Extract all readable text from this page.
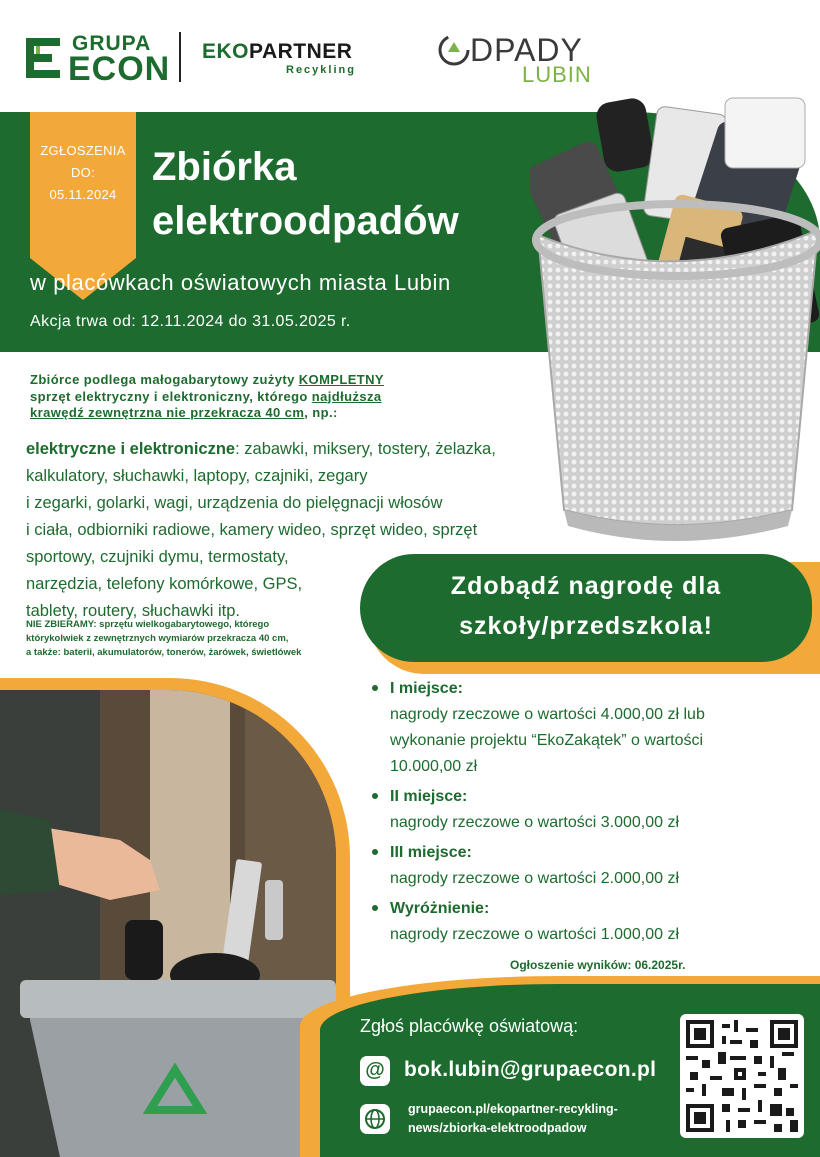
GRUPA
ECON EKOPARTNER
Recykling
DPADY
LUBIN
ZGŁOSZENIA
DO:
05.11.2024
Zbiórka
elektroodpadów
w placówkach oświatowych miasta Lubin
Akcja trwa od: 12.11.2024 do 31.05.2025 r.
Zbiórce podlega małogabarytowy zużyty KOMPLETNY
sprzęt elektryczny i elektroniczny, którego najdłuższa
krawędź zewnętrzna nie przekracza 40 cm, np.:
elektryczne i elektroniczne: zabawki, miksery, tostery, żelazka,
kalkulatory, słuchawki, laptopy, czajniki, zegary
i zegarki, golarki, wagi, urządzenia do pielęgnacji włosów
i ciała, odbiorniki radiowe, kamery wideo, sprzęt wideo, sprzęt
sportowy, czujniki dymu, termostaty,
narzędzia, telefony komórkowe, GPS,
tablety, routery, słuchawki itp.
NIE ZBIERAMY: sprzętu wielkogabarytowego, którego
którykolwiek z zewnętrznych wymiarów przekracza 40 cm,
a także: baterii, akumulatorów, tonerów, żarówek, świetlówek
Zdobądź nagrodę dla
szkoły/przedszkola!
I miejsce:
nagrody rzeczowe o wartości 4.000,00 zł lub
wykonanie projektu “EkoZakątek” o wartości
10.000,00 zł
II miejsce:
nagrody rzeczowe o wartości 3.000,00 zł
III miejsce:
nagrody rzeczowe o wartości 2.000,00 zł
Wyróżnienie:
nagrody rzeczowe o wartości 1.000,00 zł
Ogłoszenie wyników: 06.2025r.
Zgłoś placówkę oświatową:
@ bok.lubin@grupaecon.pl
grupaecon.pl/ekopartner-recykling-
news/zbiorka-elektroodpadow
